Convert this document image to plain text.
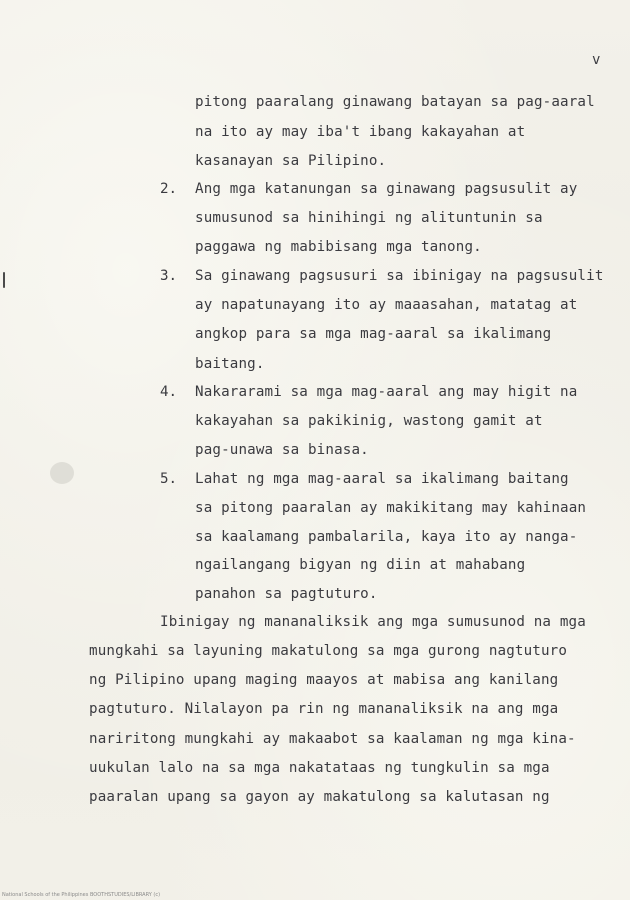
v
pitong paaralang ginawang batayan sa pag-aaral
na ito ay may iba't ibang kakayahan at
kasanayan sa Pilipino.
2. Ang mga katanungan sa ginawang pagsusulit ay
sumusunod sa hinihingi ng alituntunin sa
paggawa ng mabibisang mga tanong.
3. Sa ginawang pagsusuri sa ibinigay na pagsusulit
ay napatunayang ito ay maaasahan, matatag at
angkop para sa mga mag-aaral sa ikalimang
baitang.
4. Nakararami sa mga mag-aaral ang may higit na
kakayahan sa pakikinig, wastong gamit at
pag-unawa sa binasa.
5. Lahat ng mga mag-aaral sa ikalimang baitang
sa pitong paaralan ay makikitang may kahinaan
sa kaalamang pambalarila, kaya ito ay nanga-
ngailangang bigyan ng diin at mahabang
panahon sa pagtuturo.
Ibinigay ng mananaliksik ang mga sumusunod na mga
mungkahi sa layuning makatulong sa mga gurong nagtuturo
ng Pilipino upang maging maayos at mabisa ang kanilang
pagtuturo. Nilalayon pa rin ng mananaliksik na ang mga
nariritong mungkahi ay makaabot sa kaalaman ng mga kina-
uukulan lalo na sa mga nakatataas ng tungkulin sa mga
paaralan upang sa gayon ay makatulong sa kalutasan ng
National Schools of the Philippines BOOTHSTUDIES/LIBRARY (c)
